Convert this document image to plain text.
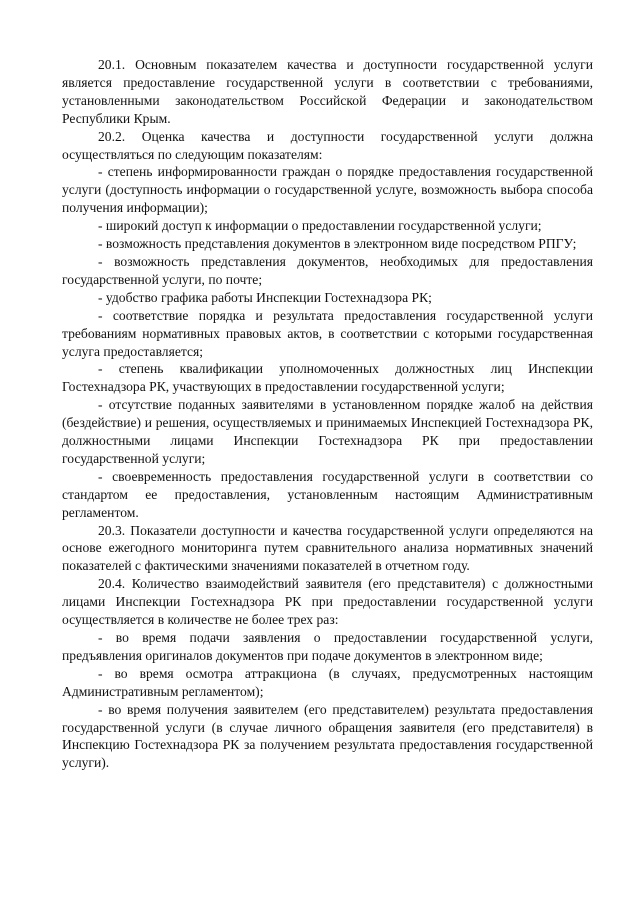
20.1. Основным показателем качества и доступности государственной услуги является предоставление государственной услуги в соответствии с требованиями, установленными законодательством Российской Федерации и законодательством Республики Крым.

20.2. Оценка качества и доступности государственной услуги должна осуществляться по следующим показателям:

- степень информированности граждан о порядке предоставления государственной услуги (доступность информации о государственной услуге, возможность выбора способа получения информации);

- широкий доступ к информации о предоставлении государственной услуги;

- возможность представления документов в электронном виде посредством РПГУ;

- возможность представления документов, необходимых для предоставления государственной услуги, по почте;

- удобство графика работы Инспекции Гостехнадзора РК;

- соответствие порядка и результата предоставления государственной услуги требованиям нормативных правовых актов, в соответствии с которыми государственная услуга предоставляется;

- степень квалификации уполномоченных должностных лиц Инспекции Гостехнадзора РК, участвующих в предоставлении государственной услуги;

- отсутствие поданных заявителями в установленном порядке жалоб на действия (бездействие) и решения, осуществляемых и принимаемых Инспекцией Гостехнадзора РК, должностными лицами Инспекции Гостехнадзора РК при предоставлении государственной услуги;

- своевременность предоставления государственной услуги в соответствии со стандартом ее предоставления, установленным настоящим Административным регламентом.

20.3. Показатели доступности и качества государственной услуги определяются на основе ежегодного мониторинга путем сравнительного анализа нормативных значений показателей с фактическими значениями показателей в отчетном году.

20.4. Количество взаимодействий заявителя (его представителя) с должностными лицами Инспекции Гостехнадзора РК при предоставлении государственной услуги осуществляется в количестве не более трех раз:

- во время подачи заявления о предоставлении государственной услуги, предъявления оригиналов документов при подаче документов в электронном виде;

- во время осмотра аттракциона (в случаях, предусмотренных настоящим Административным регламентом);

- во время получения заявителем (его представителем) результата предоставления государственной услуги (в случае личного обращения заявителя (его представителя) в Инспекцию Гостехнадзора РК за получением результата предоставления государственной услуги).
